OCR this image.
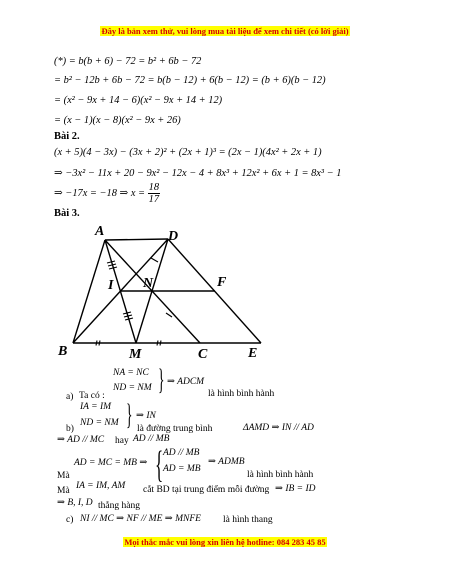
Đây là bản xem thử, vui lòng mua tài liệu để xem chi tiết (có lời giải)
(*) = b(b + 6) − 72 = b² + 6b − 72
= b² − 12b + 6b − 72 = b(b − 12) + 6(b − 12) = (b + 6)(b − 12)
= (x² − 9x + 14 − 6)(x² − 9x + 14 + 12)
= (x − 1)(x − 8)(x² − 9x + 26)
Bài 2.
(x + 5)(4 − 3x) − (3x + 2)² + (2x + 1)³ = (2x − 1)(4x² + 2x + 1)
⇒ −3x² − 11x + 20 − 9x² − 12x − 4 + 8x³ + 12x² + 6x + 1 = 8x³ − 1
⇒ −17x = −18 ⇒ $x = \frac{18}{17}$
Bài 3.
A	D
I N	F
B	M	C	E
a) Ta có :
NA = NC
ND = NM } ⇒ ADCM
là hình bình hành
IA = IM
ND = NM } ⇒ IN
b)	là đường trung bình	ΔAMD ⇒ IN // AD
⇒ AD // MC hay AD // MB
AD = MC = MB ⇒ { AD // MB
AD = MB
⇒ ADMB
Mà	là hình bình hành
Mà IA = IM, AM cắt BD tại trung điểm mỗi đường ⇒ IB = ID
⇒ B, I, D thẳng hàng
c) NI // MC ⇒ NF // ME ⇒ MNFE là hình thang
Mọi thắc mắc vui lòng xin liên hệ hotline: 084 283 45 85
